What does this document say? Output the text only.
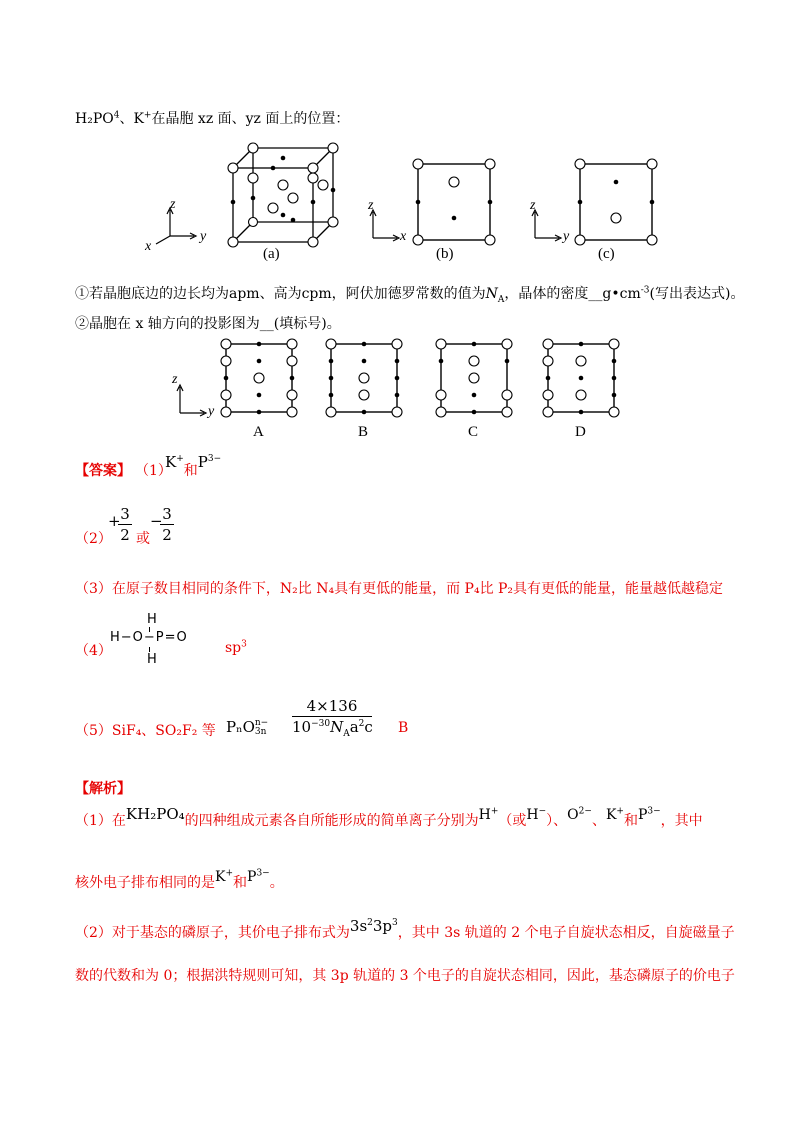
$H_2PO^4$、K+在晶胞 xz 面、yz 面上的位置：
z
y
x	(a)
z
x
(b)
z
y
(c)
①若晶胞底边的边长均为apm、高为cpm，阿伏加德罗常数的值为$N_A$，晶体的密度$\_\_g•cm^{-3}$(写出表达式)。
②晶胞在 x 轴方向的投影图为__(填标号)。
z
y
A	B	C	D
【答案】 （1）
K+和$P^{3-}$
（2）
+ 3
2 或
− 3
2
（3）在原子数目相同的条件下，N₂比 N₄具有更低的能量，而 P₄比 P₂具有更低的能量，能量越低越稳定
（4）
H
H−O−P=O
H
$sp^3$
（5）SiF₄、SO₂F₂ 等 PₙO n−
3n
4×136
$10^{-30}N_Aa^2c$ B
【解析】
（1）在KH₂PO₄的四种组成元素各自所能形成的简单离子分别为H+（或H−）、$O^{2-}$、K+和$P^{3-}$，其中
核外电子排布相同的是K+和$P^{3-}$。
（2）对于基态的磷原子，其价电子排布式为$3s^23p^3$，其中 3s 轨道的 2 个电子自旋状态相反，自旋磁量子
数的代数和为 0；根据洪特规则可知，其 3p 轨道的 3 个电子的自旋状态相同，因此，基态磷原子的价电子
